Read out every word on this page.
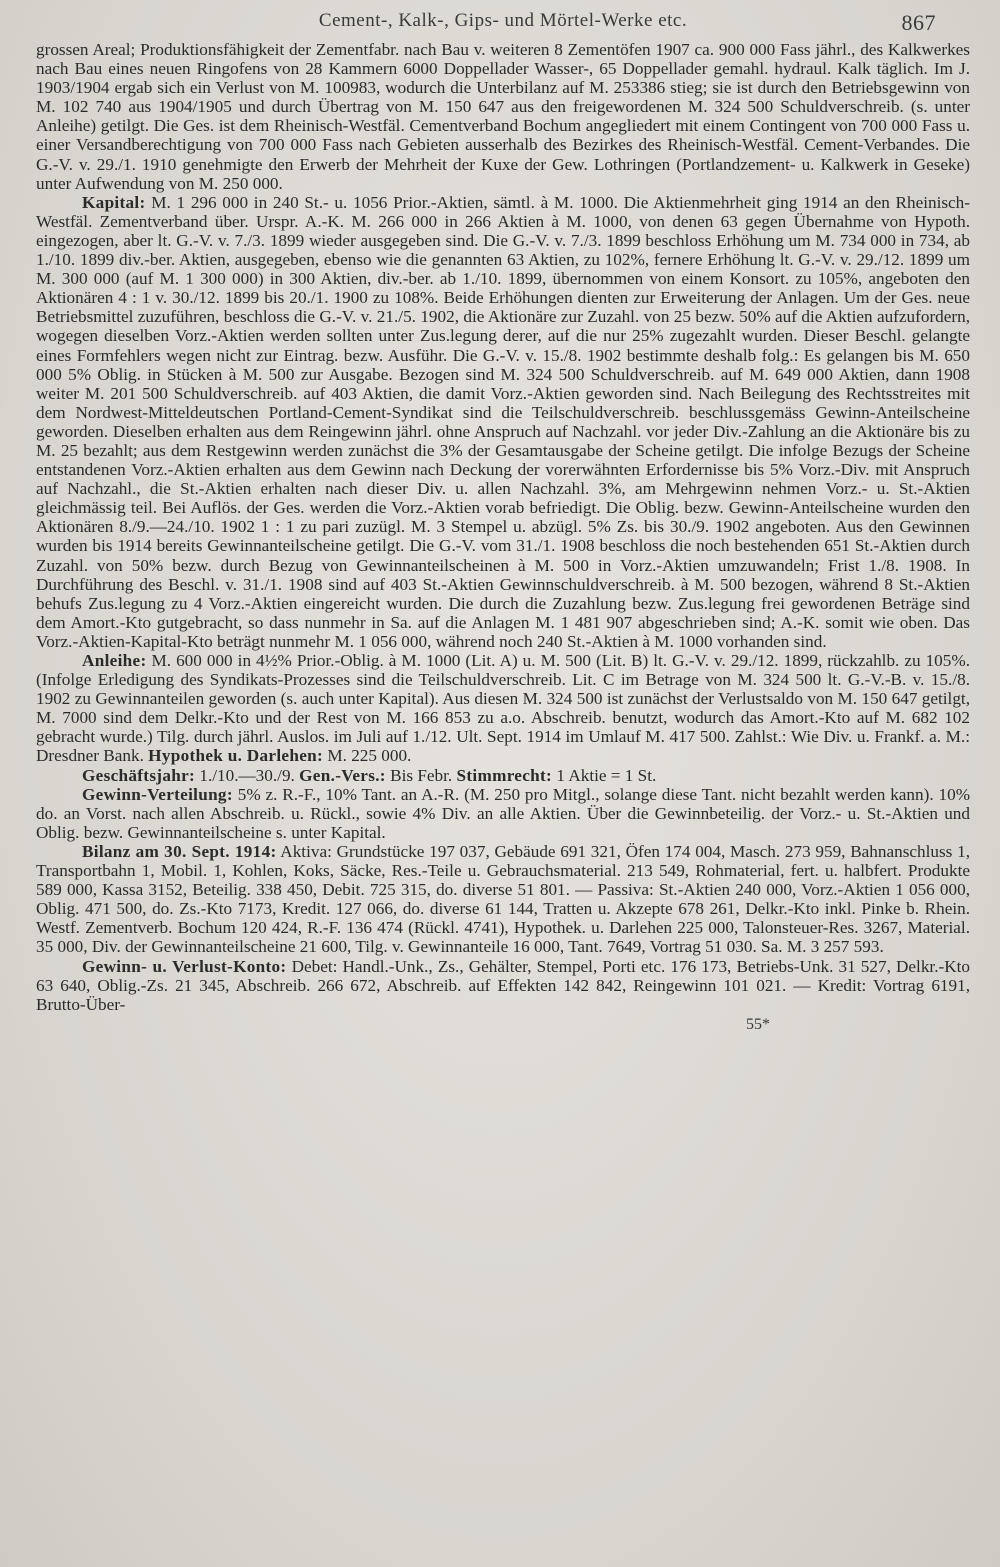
Cement-, Kalk-, Gips- und Mörtel-Werke etc.	867

grossen Areal; Produktionsfähigkeit der Zementfabr. nach Bau v. weiteren 8 Zementöfen 1907 ca. 900 000 Fass jährl., des Kalkwerkes nach Bau eines neuen Ringofens von 28 Kammern 6000 Doppellader Wasser-, 65 Doppellader gemahl. hydraul. Kalk täglich. Im J. 1903/1904 ergab sich ein Verlust von M. 100983, wodurch die Unterbilanz auf M. 253386 stieg; sie ist durch den Betriebsgewinn von M. 102 740 aus 1904/1905 und durch Übertrag von M. 150 647 aus den freigewordenen M. 324 500 Schuldverschreib. (s. unter Anleihe) getilgt. Die Ges. ist dem Rheinisch-Westfäl. Cementverband Bochum angegliedert mit einem Contingent von 700 000 Fass u. einer Versandberechtigung von 700 000 Fass nach Gebieten ausserhalb des Bezirkes des Rheinisch-Westfäl. Cement-Verbandes. Die G.-V. v. 29./1. 1910 genehmigte den Erwerb der Mehrheit der Kuxe der Gew. Lothringen (Portlandzement- u. Kalkwerk in Geseke) unter Aufwendung von M. 250 000.

Kapital: M. 1 296 000 in 240 St.- u. 1056 Prior.-Aktien, sämtl. à M. 1000. Die Aktienmehrheit ging 1914 an den Rheinisch-Westfäl. Zementverband über. Urspr. A.-K. M. 266 000 in 266 Aktien à M. 1000, von denen 63 gegen Übernahme von Hypoth. eingezogen, aber lt. G.-V. v. 7./3. 1899 wieder ausgegeben sind. Die G.-V. v. 7./3. 1899 beschloss Erhöhung um M. 734 000 in 734, ab 1./10. 1899 div.-ber. Aktien, ausgegeben, ebenso wie die genannten 63 Aktien, zu 102%, fernere Erhöhung lt. G.-V. v. 29./12. 1899 um M. 300 000 (auf M. 1 300 000) in 300 Aktien, div.-ber. ab 1./10. 1899, übernommen von einem Konsort. zu 105%, angeboten den Aktionären 4 : 1 v. 30./12. 1899 bis 20./1. 1900 zu 108%. Beide Erhöhungen dienten zur Erweiterung der Anlagen. Um der Ges. neue Betriebsmittel zuzuführen, beschloss die G.-V. v. 21./5. 1902, die Aktionäre zur Zuzahl. von 25 bezw. 50% auf die Aktien aufzufordern, wogegen dieselben Vorz.-Aktien werden sollten unter Zus.legung derer, auf die nur 25% zugezahlt wurden. Dieser Beschl. gelangte eines Formfehlers wegen nicht zur Eintrag. bezw. Ausführ. Die G.-V. v. 15./8. 1902 bestimmte deshalb folg.: Es gelangen bis M. 650 000 5% Oblig. in Stücken à M. 500 zur Ausgabe. Bezogen sind M. 324 500 Schuldverschreib. auf M. 649 000 Aktien, dann 1908 weiter M. 201 500 Schuldverschreib. auf 403 Aktien, die damit Vorz.-Aktien geworden sind. Nach Beilegung des Rechtsstreites mit dem Nordwest-Mitteldeutschen Portland-Cement-Syndikat sind die Teilschuldverschreib. beschlussgemäss Gewinn-Anteilscheine geworden. Dieselben erhalten aus dem Reingewinn jährl. ohne Anspruch auf Nachzahl. vor jeder Div.-Zahlung an die Aktionäre bis zu M. 25 bezahlt; aus dem Restgewinn werden zunächst die 3% der Gesamtausgabe der Scheine getilgt. Die infolge Bezugs der Scheine entstandenen Vorz.-Aktien erhalten aus dem Gewinn nach Deckung der vorerwähnten Erfordernisse bis 5% Vorz.-Div. mit Anspruch auf Nachzahl., die St.-Aktien erhalten nach dieser Div. u. allen Nachzahl. 3%, am Mehrgewinn nehmen Vorz.- u. St.-Aktien gleichmässig teil. Bei Auflös. der Ges. werden die Vorz.-Aktien vorab befriedigt. Die Oblig. bezw. Gewinn-Anteilscheine wurden den Aktionären 8./9.—24./10. 1902 1 : 1 zu pari zuzügl. M. 3 Stempel u. abzügl. 5% Zs. bis 30./9. 1902 angeboten. Aus den Gewinnen wurden bis 1914 bereits Gewinnanteilscheine getilgt. Die G.-V. vom 31./1. 1908 beschloss die noch bestehenden 651 St.-Aktien durch Zuzahl. von 50% bezw. durch Bezug von Gewinnanteilscheinen à M. 500 in Vorz.-Aktien umzuwandeln; Frist 1./8. 1908. In Durchführung des Beschl. v. 31./1. 1908 sind auf 403 St.-Aktien Gewinnschuldverschreib. à M. 500 bezogen, während 8 St.-Aktien behufs Zus.legung zu 4 Vorz.-Aktien eingereicht wurden. Die durch die Zuzahlung bezw. Zus.legung frei gewordenen Beträge sind dem Amort.-Kto gutgebracht, so dass nunmehr in Sa. auf die Anlagen M. 1 481 907 abgeschrieben sind; A.-K. somit wie oben. Das Vorz.-Aktien-Kapital-Kto beträgt nunmehr M. 1 056 000, während noch 240 St.-Aktien à M. 1000 vorhanden sind.

Anleihe: M. 600 000 in 4½% Prior.-Oblig. à M. 1000 (Lit. A) u. M. 500 (Lit. B) lt. G.-V. v. 29./12. 1899, rückzahlb. zu 105%. (Infolge Erledigung des Syndikats-Prozesses sind die Teilschuldverschreib. Lit. C im Betrage von M. 324 500 lt. G.-V.-B. v. 15./8. 1902 zu Gewinnanteilen geworden (s. auch unter Kapital). Aus diesen M. 324 500 ist zunächst der Verlustsaldo von M. 150 647 getilgt, M. 7000 sind dem Delkr.-Kto und der Rest von M. 166 853 zu a.o. Abschreib. benutzt, wodurch das Amort.-Kto auf M. 682 102 gebracht wurde.) Tilg. durch jährl. Auslos. im Juli auf 1./12. Ult. Sept. 1914 im Umlauf M. 417 500. Zahlst.: Wie Div. u. Frankf. a. M.: Dresdner Bank. Hypothek u. Darlehen: M. 225 000.

Geschäftsjahr: 1./10.—30./9. Gen.-Vers.: Bis Febr. Stimmrecht: 1 Aktie = 1 St.

Gewinn-Verteilung: 5% z. R.-F., 10% Tant. an A.-R. (M. 250 pro Mitgl., solange diese Tant. nicht bezahlt werden kann). 10% do. an Vorst. nach allen Abschreib. u. Rückl., sowie 4% Div. an alle Aktien. Über die Gewinnbeteilig. der Vorz.- u. St.-Aktien und Oblig. bezw. Gewinnanteilscheine s. unter Kapital.

Bilanz am 30. Sept. 1914: Aktiva: Grundstücke 197 037, Gebäude 691 321, Öfen 174 004, Masch. 273 959, Bahnanschluss 1, Transportbahn 1, Mobil. 1, Kohlen, Koks, Säcke, Res.-Teile u. Gebrauchsmaterial. 213 549, Rohmaterial, fert. u. halbfert. Produkte 589 000, Kassa 3152, Beteilig. 338 450, Debit. 725 315, do. diverse 51 801. — Passiva: St.-Aktien 240 000, Vorz.-Aktien 1 056 000, Oblig. 471 500, do. Zs.-Kto 7173, Kredit. 127 066, do. diverse 61 144, Tratten u. Akzepte 678 261, Delkr.-Kto inkl. Pinke b. Rhein. Westf. Zementverb. Bochum 120 424, R.-F. 136 474 (Rückl. 4741), Hypothek. u. Darlehen 225 000, Talonsteuer-Res. 3267, Material. 35 000, Div. der Gewinnanteilscheine 21 600, Tilg. v. Gewinnanteile 16 000, Tant. 7649, Vortrag 51 030. Sa. M. 3 257 593.

Gewinn- u. Verlust-Konto: Debet: Handl.-Unk., Zs., Gehälter, Stempel, Porti etc. 176 173, Betriebs-Unk. 31 527, Delkr.-Kto 63 640, Oblig.-Zs. 21 345, Abschreib. 266 672, Abschreib. auf Effekten 142 842, Reingewinn 101 021. — Kredit: Vortrag 6191, Brutto-Über-

55*
